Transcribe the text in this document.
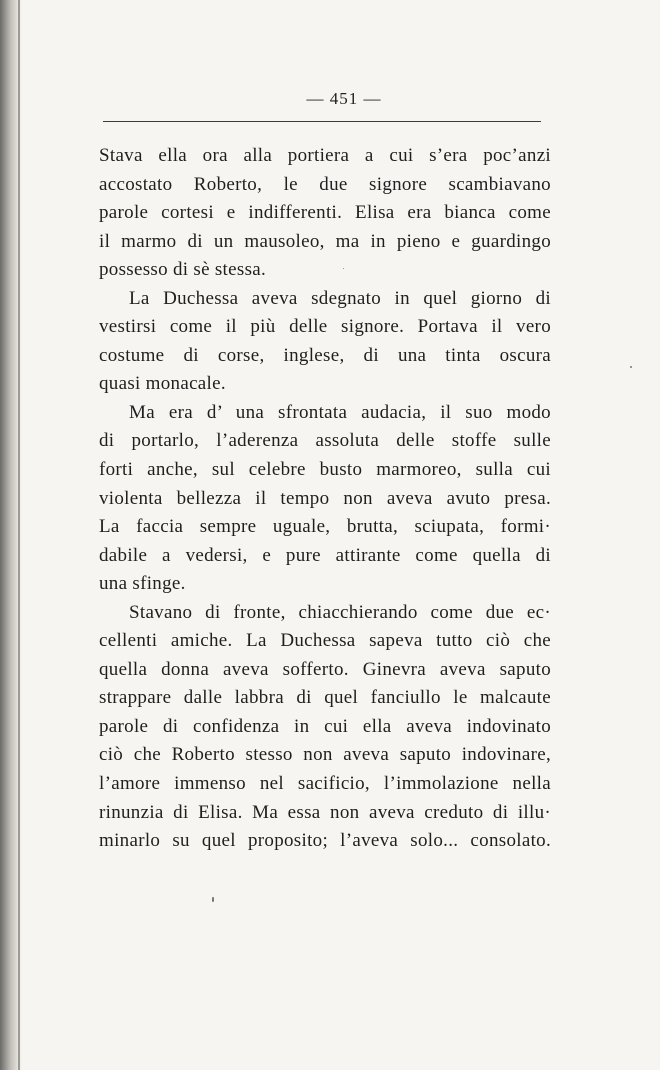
— 451 —
Stava ella ora alla portiera a cui s’era poc’anzi
accostato Roberto, le due signore scambiavano
parole cortesi e indifferenti. Elisa era bianca come
il marmo di un mausoleo, ma in pieno e guardingo
possesso di sè stessa.
La Duchessa aveva sdegnato in quel giorno di
vestirsi come il più delle signore. Portava il vero
costume di corse, inglese, di una tinta oscura
quasi monacale.
Ma era d’ una sfrontata audacia, il suo modo
di portarlo, l’aderenza assoluta delle stoffe sulle
forti anche, sul celebre busto marmoreo, sulla cui
violenta bellezza il tempo non aveva avuto presa.
La faccia sempre uguale, brutta, sciupata, formi·
dabile a vedersi, e pure attirante come quella di
una sfinge.
Stavano di fronte, chiacchierando come due ec·
cellenti amiche. La Duchessa sapeva tutto ciò che
quella donna aveva sofferto. Ginevra aveva saputo
strappare dalle labbra di quel fanciullo le malcaute
parole di confidenza in cui ella aveva indovinato
ciò che Roberto stesso non aveva saputo indovinare,
l’amore immenso nel sacificio, l’immolazione nella
rinunzia di Elisa. Ma essa non aveva creduto di illu·
minarlo su quel proposito; l’aveva solo... consolato.
